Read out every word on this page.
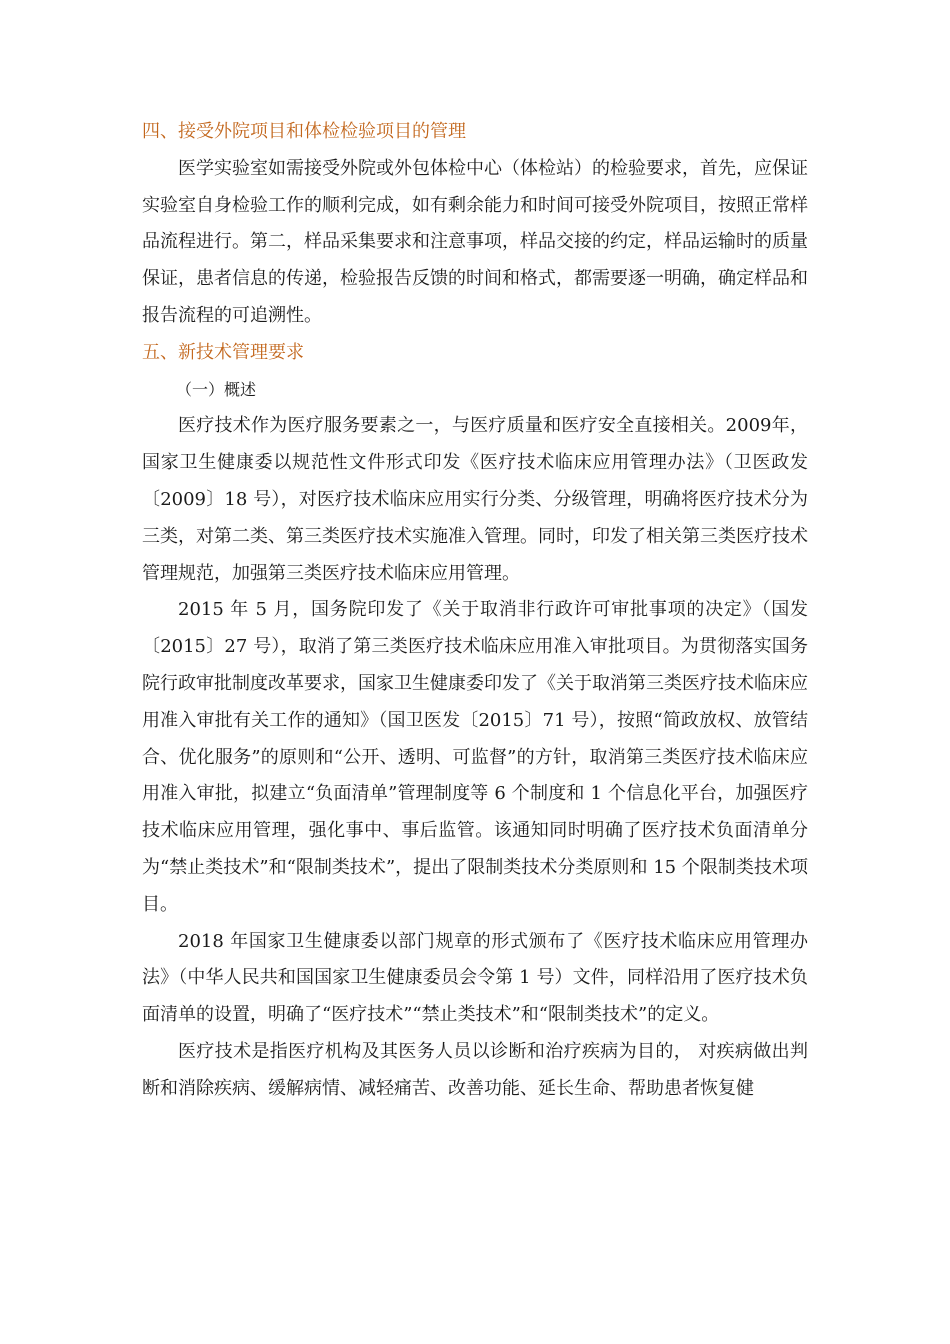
四、接受外院项目和体检检验项目的管理

医学实验室如需接受外院或外包体检中心（体检站）的检验要求，首先，应保证实验室自身检验工作的顺利完成，如有剩余能力和时间可接受外院项目，按照正常样品流程进行。第二，样品采集要求和注意事项，样品交接的约定，样品运输时的质量保证，患者信息的传递，检验报告反馈的时间和格式，都需要逐一明确，确定样品和报告流程的可追溯性。

五、新技术管理要求

（一）概述

医疗技术作为医疗服务要素之一，与医疗质量和医疗安全直接相关。2009年，国家卫生健康委以规范性文件形式印发《医疗技术临床应用管理办法》（卫医政发〔2009〕18 号），对医疗技术临床应用实行分类、分级管理，明确将医疗技术分为三类，对第二类、第三类医疗技术实施准入管理。同时，印发了相关第三类医疗技术管理规范，加强第三类医疗技术临床应用管理。

2015 年 5 月，国务院印发了《关于取消非行政许可审批事项的决定》（国发〔2015〕27 号），取消了第三类医疗技术临床应用准入审批项目。为贯彻落实国务院行政审批制度改革要求，国家卫生健康委印发了《关于取消第三类医疗技术临床应用准入审批有关工作的通知》（国卫医发〔2015〕71 号），按照“简政放权、放管结合、优化服务”的原则和“公开、透明、可监督”的方针，取消第三类医疗技术临床应用准入审批，拟建立“负面清单”管理制度等 6 个制度和 1 个信息化平台，加强医疗技术临床应用管理，强化事中、事后监管。该通知同时明确了医疗技术负面清单分为“禁止类技术”和“限制类技术”，提出了限制类技术分类原则和 15 个限制类技术项目。

2018 年国家卫生健康委以部门规章的形式颁布了《医疗技术临床应用管理办法》（中华人民共和国国家卫生健康委员会令第 1 号）文件，同样沿用了医疗技术负面清单的设置，明确了“医疗技术”“禁止类技术”和“限制类技术”的定义。

医疗技术是指医疗机构及其医务人员以诊断和治疗疾病为目的， 对疾病做出判断和消除疾病、缓解病情、减轻痛苦、改善功能、延长生命、帮助患者恢复健
